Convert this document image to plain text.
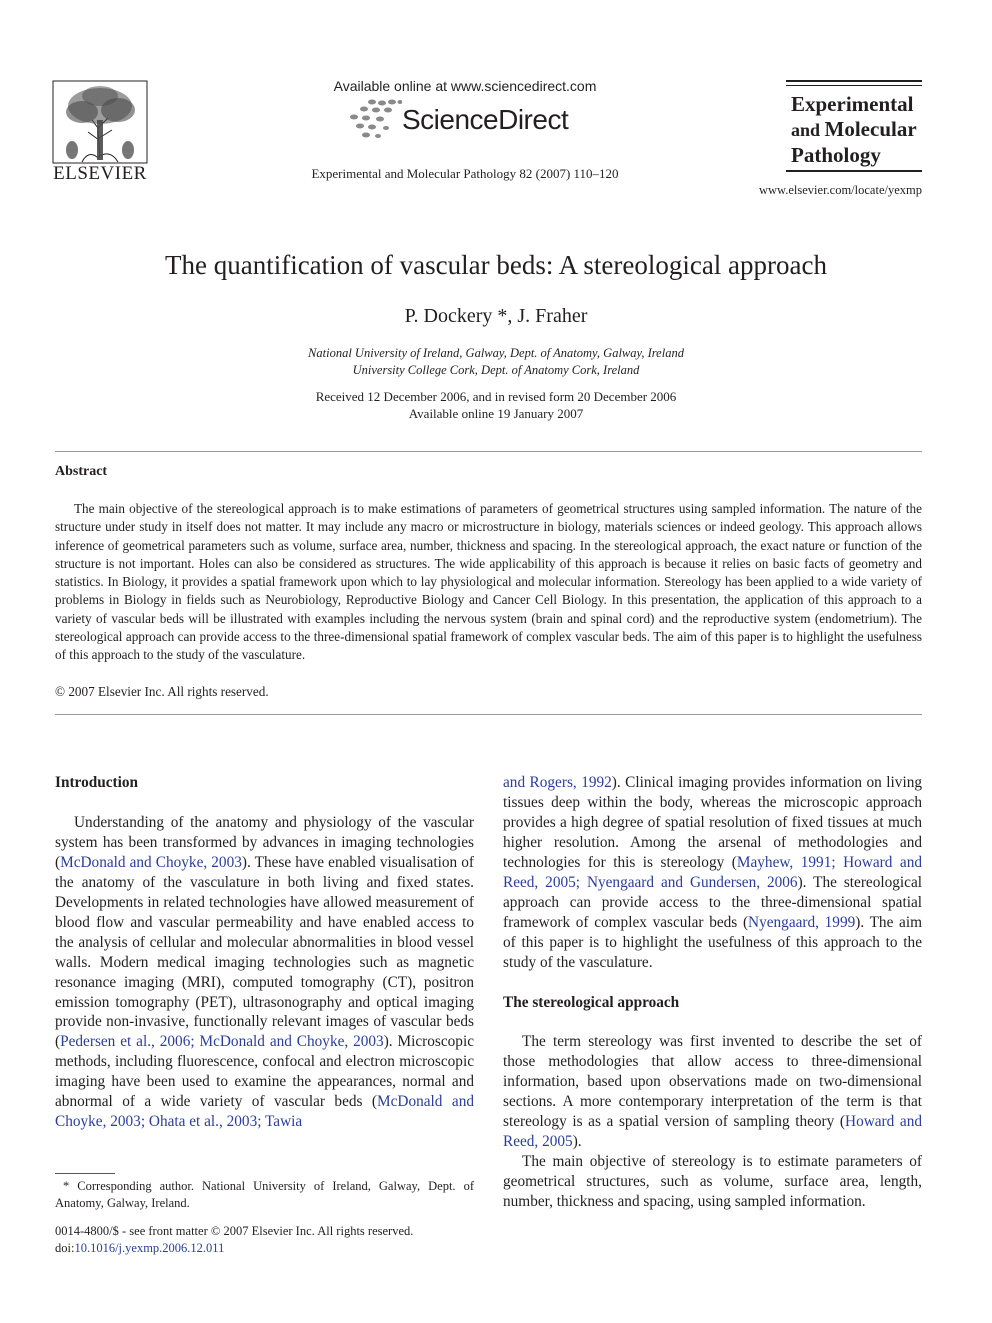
ELSEVIER
Available online at www.sciencedirect.com
ScienceDirect
Experimental and Molecular Pathology 82 (2007) 110–120
Experimental
and Molecular
Pathology
www.elsevier.com/locate/yexmp
The quantification of vascular beds: A stereological approach
P. Dockery *, J. Fraher
National University of Ireland, Galway, Dept. of Anatomy, Galway, Ireland
University College Cork, Dept. of Anatomy Cork, Ireland
Received 12 December 2006, and in revised form 20 December 2006
Available online 19 January 2007
Abstract
The main objective of the stereological approach is to make estimations of parameters of geometrical structures using sampled information. The nature of the structure under study in itself does not matter. It may include any macro or microstructure in biology, materials sciences or indeed geology. This approach allows inference of geometrical parameters such as volume, surface area, number, thickness and spacing. In the stereological approach, the exact nature or function of the structure is not important. Holes can also be considered as structures. The wide applicability of this approach is because it relies on basic facts of geometry and statistics. In Biology, it provides a spatial framework upon which to lay physiological and molecular information. Stereology has been applied to a wide variety of problems in Biology in fields such as Neurobiology, Reproductive Biology and Cancer Cell Biology. In this presentation, the application of this approach to a variety of vascular beds will be illustrated with examples including the nervous system (brain and spinal cord) and the reproductive system (endometrium). The stereological approach can provide access to the three-dimensional spatial framework of complex vascular beds. The aim of this paper is to highlight the usefulness of this approach to the study of the vasculature.
© 2007 Elsevier Inc. All rights reserved.
Introduction

Understanding of the anatomy and physiology of the vascular system has been transformed by advances in imaging technologies (McDonald and Choyke, 2003). These have enabled visualisation of the anatomy of the vasculature in both living and fixed states. Developments in related technologies have allowed measurement of blood flow and vascular permeability and have enabled access to the analysis of cellular and molecular abnormalities in blood vessel walls. Modern medical imaging technologies such as magnetic resonance imaging (MRI), computed tomography (CT), positron emission tomography (PET), ultrasonography and optical imaging provide non-invasive, functionally relevant images of vascular beds (Pedersen et al., 2006; McDonald and Choyke, 2003). Microscopic methods, including fluorescence, confocal and electron microscopic imaging have been used to examine the appearances, normal and abnormal of a wide variety of vascular beds (McDonald and Choyke, 2003; Ohata et al., 2003; Tawia

and Rogers, 1992). Clinical imaging provides information on living tissues deep within the body, whereas the microscopic approach provides a high degree of spatial resolution of fixed tissues at much higher resolution. Among the arsenal of methodologies and technologies for this is stereology (Mayhew, 1991; Howard and Reed, 2005; Nyengaard and Gundersen, 2006). The stereological approach can provide access to the three-dimensional spatial framework of complex vascular beds (Nyengaard, 1999). The aim of this paper is to highlight the usefulness of this approach to the study of the vasculature.

The stereological approach

The term stereology was first invented to describe the set of those methodologies that allow access to three-dimensional information, based upon observations made on two-dimensional sections. A more contemporary interpretation of the term is that stereology is as a spatial version of sampling theory (Howard and Reed, 2005).

The main objective of stereology is to estimate parameters of geometrical structures, such as volume, surface area, length, number, thickness and spacing, using sampled information.

* Corresponding author. National University of Ireland, Galway, Dept. of Anatomy, Galway, Ireland.
0014-4800/$ - see front matter © 2007 Elsevier Inc. All rights reserved.
doi:10.1016/j.yexmp.2006.12.011
